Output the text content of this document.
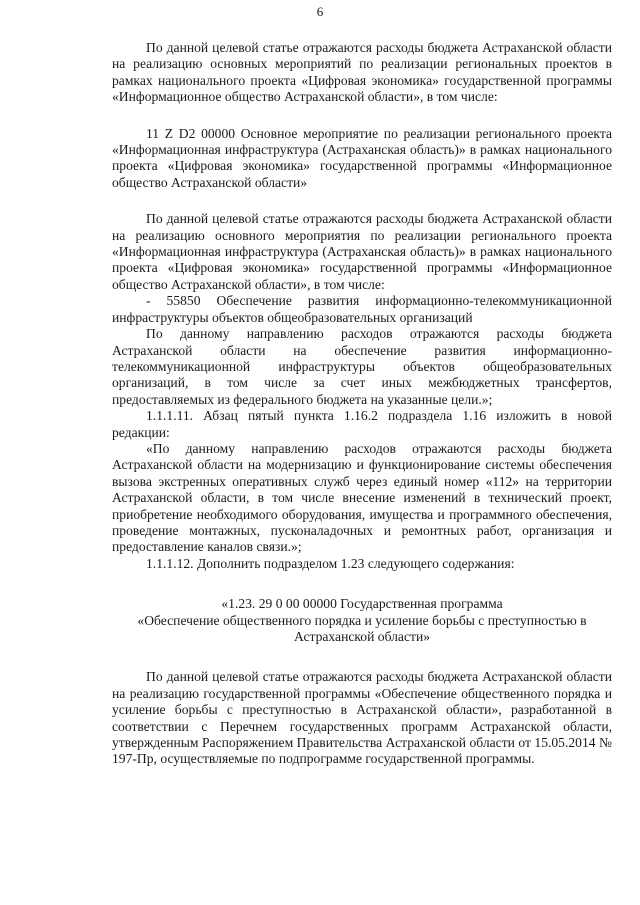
6

По данной целевой статье отражаются расходы бюджета Астраханской области на реализацию основных мероприятий по реализации региональных проектов в рамках национального проекта «Цифровая экономика» государственной программы «Информационное общество Астраханской области», в том числе:

11 Z D2 00000 Основное мероприятие по реализации регионального проекта «Информационная инфраструктура (Астраханская область)» в рамках национального проекта «Цифровая экономика» государственной программы «Информационное общество Астраханской области»

По данной целевой статье отражаются расходы бюджета Астраханской области на реализацию основного мероприятия по реализации регионального проекта «Информационная инфраструктура (Астраханская область)» в рамках национального проекта «Цифровая экономика» государственной программы «Информационное общество Астраханской области», в том числе:

- 55850 Обеспечение развития информационно-телекоммуникационной инфраструктуры объектов общеобразовательных организаций

По данному направлению расходов отражаются расходы бюджета Астраханской области на обеспечение развития информационно-телекоммуникационной инфраструктуры объектов общеобразовательных организаций, в том числе за счет иных межбюджетных трансфертов, предоставляемых из федерального бюджета на указанные цели.»;

1.1.1.11. Абзац пятый пункта 1.16.2 подраздела 1.16 изложить в новой редакции:

«По данному направлению расходов отражаются расходы бюджета Астраханской области на модернизацию и функционирование системы обеспечения вызова экстренных оперативных служб через единый номер «112» на территории Астраханской области, в том числе внесение изменений в технический проект, приобретение необходимого оборудования, имущества и программного обеспечения, проведение монтажных, пусконаладочных и ремонтных работ, организация и предоставление каналов связи.»;

1.1.1.12. Дополнить подразделом 1.23 следующего содержания:

«1.23. 29 0 00 00000 Государственная программа

«Обеспечение общественного порядка и усиление борьбы с преступностью в Астраханской области»

По данной целевой статье отражаются расходы бюджета Астраханской области на реализацию государственной программы «Обеспечение общественного порядка и усиление борьбы с преступностью в Астраханской области», разработанной в соответствии с Перечнем государственных программ Астраханской области, утвержденным Распоряжением Правительства Астраханской области от 15.05.2014 № 197-Пр, осуществляемые по подпрограмме государственной программы.
